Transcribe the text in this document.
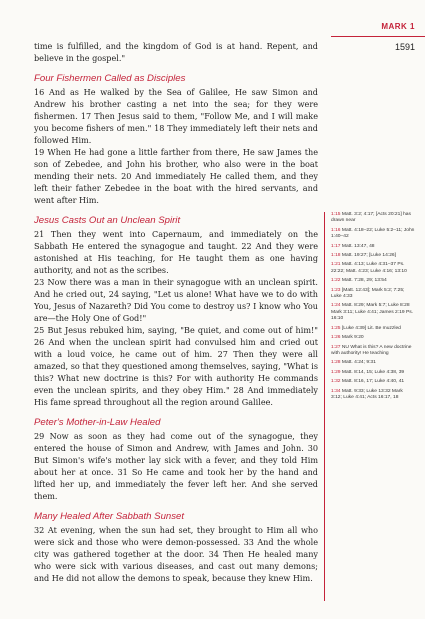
MARK 1
1591

time is fulfilled, and the kingdom of God is at hand. Repent, and believe in the gospel."

Four Fishermen Called as Disciples

16 And as He walked by the Sea of Galilee, He saw Simon and Andrew his brother casting a net into the sea; for they were fishermen. 17 Then Jesus said to them, "Follow Me, and I will make you become fishers of men." 18 They immediately left their nets and followed Him.

19 When He had gone a little farther from there, He saw James the son of Zebedee, and John his brother, who also were in the boat mending their nets. 20 And immediately He called them, and they left their father Zebedee in the boat with the hired servants, and went after Him.

Jesus Casts Out an Unclean Spirit

21 Then they went into Capernaum, and immediately on the Sabbath He entered the synagogue and taught. 22 And they were astonished at His teaching, for He taught them as one having authority, and not as the scribes.

23 Now there was a man in their synagogue with an unclean spirit. And he cried out, 24 saying, "Let us alone! What have we to do with You, Jesus of Nazareth? Did You come to destroy us? I know who You are—the Holy One of God!"

25 But Jesus rebuked him, saying, "Be quiet, and come out of him!" 26 And when the unclean spirit had convulsed him and cried out with a loud voice, he came out of him. 27 Then they were all amazed, so that they questioned among themselves, saying, "What is this? What new doctrine is this? For with authority He commands even the unclean spirits, and they obey Him." 28 And immediately His fame spread throughout all the region around Galilee.

Peter's Mother-in-Law Healed

29 Now as soon as they had come out of the synagogue, they entered the house of Simon and Andrew, with James and John. 30 But Simon's wife's mother lay sick with a fever, and they told Him about her at once. 31 So He came and took her by the hand and lifted her up, and immediately the fever left her. And she served them.

Many Healed After Sabbath Sunset

32 At evening, when the sun had set, they brought to Him all who were sick and those who were demon-possessed. 33 And the whole city was gathered together at the door. 34 Then He healed many who were sick with various diseases, and cast out many demons; and He did not allow the demons to speak, because they knew Him.

1:15 Matt. 3:2; 4:17; [Acts 20:21] has drawn near
1:16 Matt. 4:18–22; Luke 5:2–11; John 1:40–42
1:17 Matt. 13:47, 48
1:18 Matt. 19:27; [Luke 14:26]
1:21 Matt. 4:13; Luke 4:31–37 Ps. 22:22; Matt. 4:23; Luke 4:16; 13:10
1:22 Matt. 7:28, 29; 13:54
1:23 [Matt. 12:43]; Mark 5:2; 7:25; Luke 4:33
1:24 Matt. 8:29; Mark 5:7; Luke 8:28 Mark 3:11; Luke 4:41; James 2:19 Ps. 16:10
1:25 [Luke 4:39] Lit. Be muzzled
1:26 Mark 9:20
1:27 NU What is this? A new doctrine with authority! He teaching
1:28 Matt. 4:24; 9:31
1:29 Matt. 8:14, 15; Luke 4:38, 39
1:32 Matt. 8:16, 17; Luke 4:40, 41
1:34 Matt. 9:33; Luke 13:32 Mark 3:12; Luke 4:41; Acts 16:17, 18
